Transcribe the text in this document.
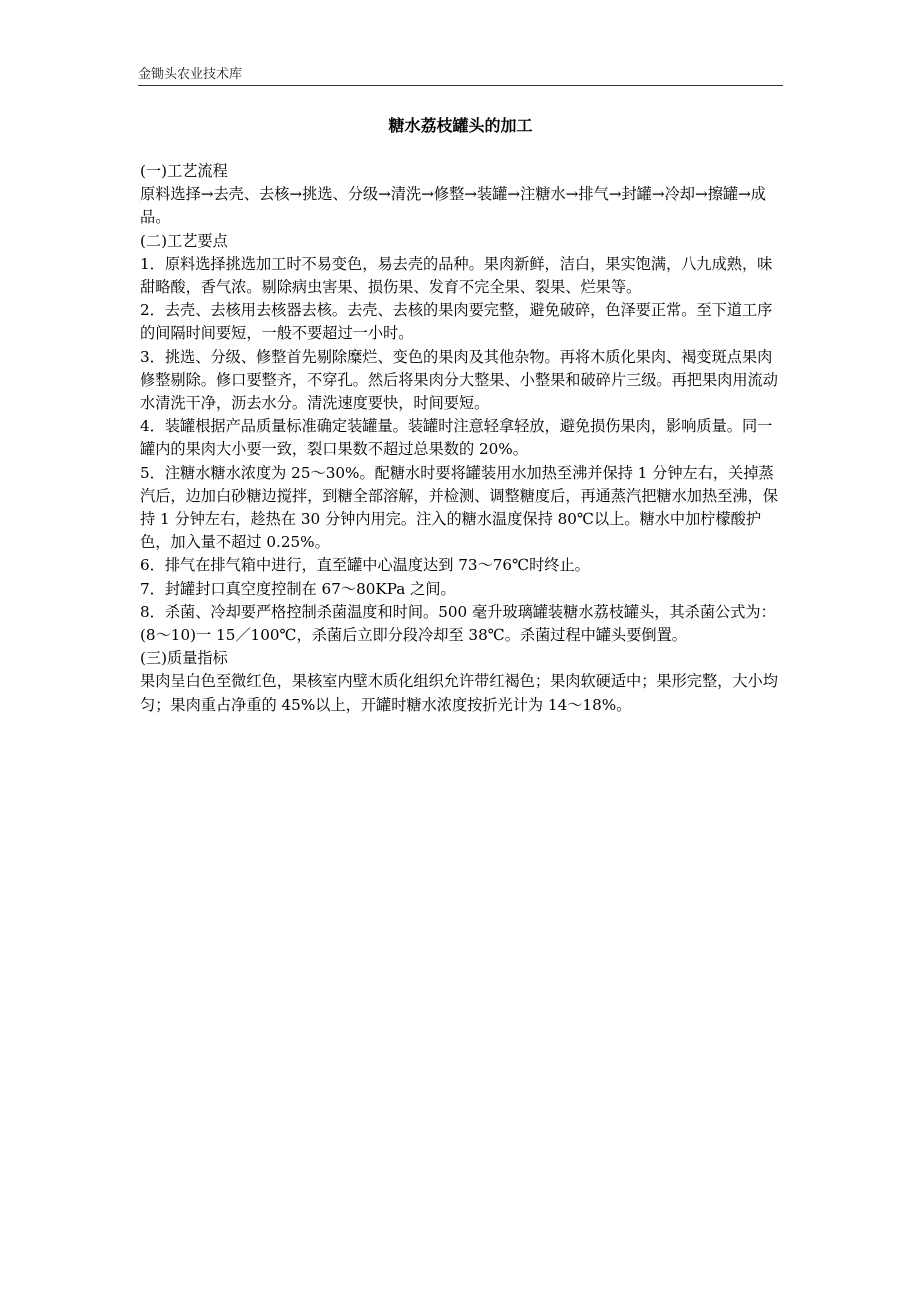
金锄头农业技术库
糖水荔枝罐头的加工

(一)工艺流程

原料选择→去壳、去核→挑选、分级→清洗→修整→装罐→注糖水→排气→封罐→冷却→擦罐→成品。

(二)工艺要点

1．原料选择挑选加工时不易变色，易去壳的品种。果肉新鲜，洁白，果实饱满，八九成熟，味甜略酸，香气浓。剔除病虫害果、损伤果、发育不完全果、裂果、烂果等。

2．去壳、去核用去核器去核。去壳、去核的果肉要完整，避免破碎，色泽要正常。至下道工序的间隔时间要短，一般不要超过一小时。

3．挑选、分级、修整首先剔除糜烂、变色的果肉及其他杂物。再将木质化果肉、褐变斑点果肉修整剔除。修口要整齐，不穿孔。然后将果肉分大整果、小整果和破碎片三级。再把果肉用流动水清洗干净，沥去水分。清洗速度要快，时间要短。

4．装罐根据产品质量标准确定装罐量。装罐时注意轻拿轻放，避免损伤果肉，影响质量。同一罐内的果肉大小要一致，裂口果数不超过总果数的 20%。

5．注糖水糖水浓度为 25～30%。配糖水时要将罐装用水加热至沸并保持 1 分钟左右，关掉蒸汽后，边加白砂糖边搅拌，到糖全部溶解，并检测、调整糖度后，再通蒸汽把糖水加热至沸，保持 1 分钟左右，趁热在 30 分钟内用完。注入的糖水温度保持 80℃以上。糖水中加柠檬酸护色，加入量不超过 0.25%。

6．排气在排气箱中进行，直至罐中心温度达到 73～76℃时终止。

7．封罐封口真空度控制在 67～80KPa 之间。

8．杀菌、冷却要严格控制杀菌温度和时间。500 毫升玻璃罐装糖水荔枝罐头，其杀菌公式为：(8～10)一 15／100℃，杀菌后立即分段冷却至 38℃。杀菌过程中罐头要倒置。

(三)质量指标

果肉呈白色至微红色，果核室内壁木质化组织允许带红褐色；果肉软硬适中；果形完整，大小均匀；果肉重占净重的 45%以上，开罐时糖水浓度按折光计为 14～18%。
